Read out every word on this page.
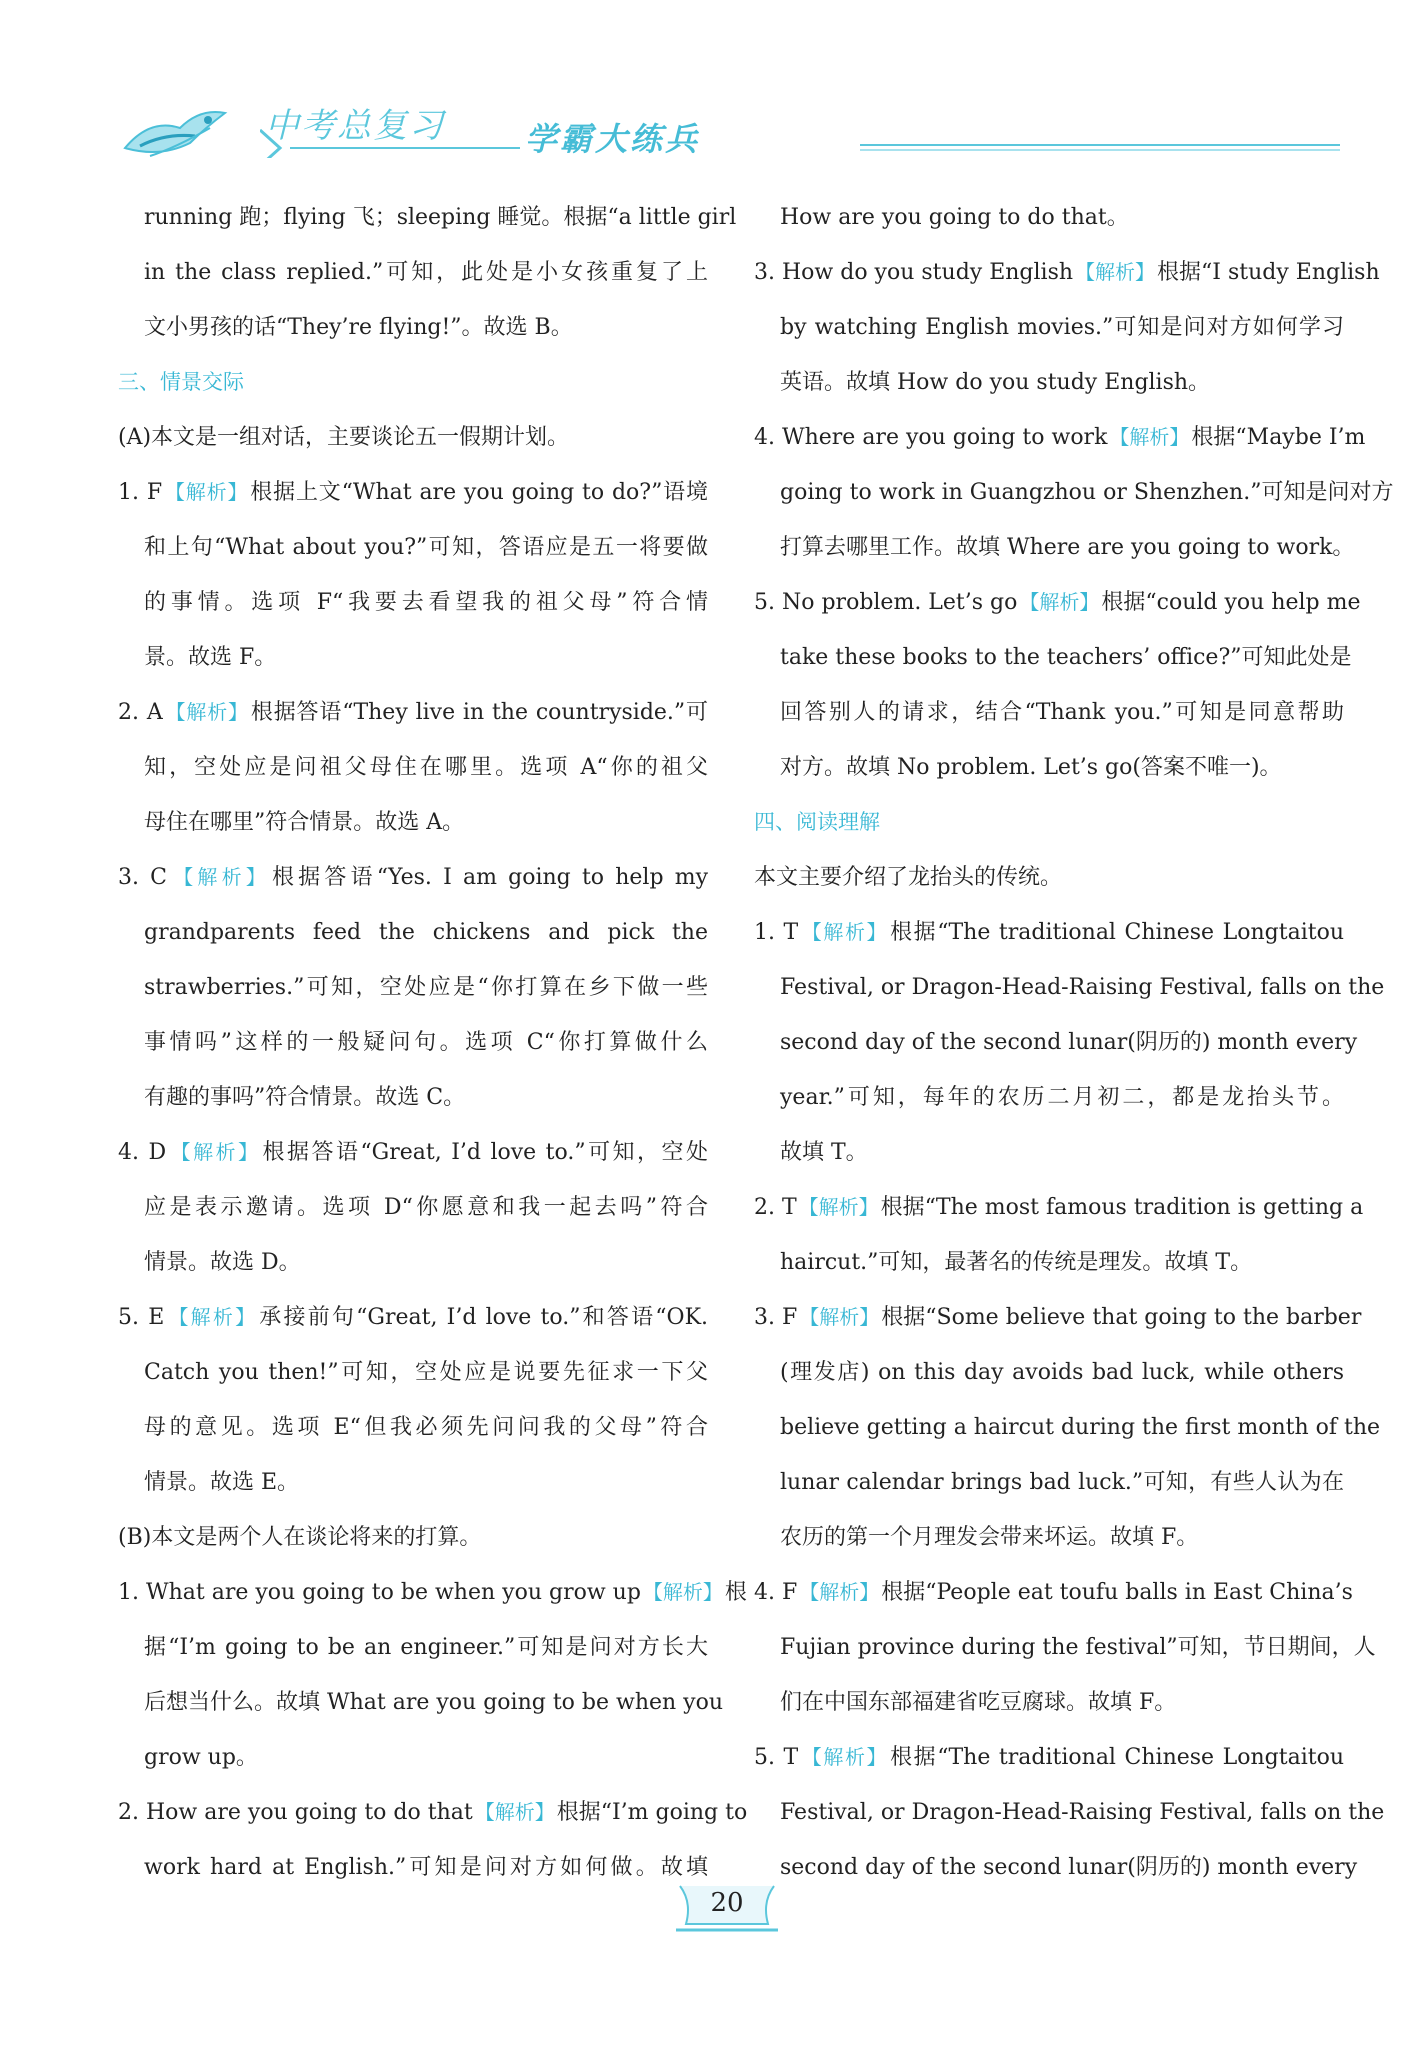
中考总复习	学霸大练兵
running 跑；flying 飞；sleeping 睡觉。根据“a little girl
in the class replied.”可知，此处是小女孩重复了上
文小男孩的话“They’re flying!”。故选 B。
三、情景交际
(A)本文是一组对话，主要谈论五一假期计划。
1. F 【解析】根据上文“What are you going to do?”语境
和上句“What about you?”可知，答语应是五一将要做
的事情。选项 F“我要去看望我的祖父母”符合情
景。故选 F。
2. A 【解析】根据答语“They live in the countryside.”可
知，空处应是问祖父母住在哪里。选项 A“你的祖父
母住在哪里”符合情景。故选 A。
3. C 【解析】根据答语“Yes. I am going to help my
grandparents feed the chickens and pick the
strawberries.”可知，空处应是“你打算在乡下做一些
事情吗”这样的一般疑问句。选项 C“你打算做什么
有趣的事吗”符合情景。故选 C。
4. D 【解析】根据答语“Great, I’d love to.”可知，空处
应是表示邀请。选项 D“你愿意和我一起去吗”符合
情景。故选 D。
5. E 【解析】承接前句“Great, I’d love to.”和答语“OK.
Catch you then!”可知，空处应是说要先征求一下父
母的意见。选项 E“但我必须先问问我的父母”符合
情景。故选 E。
(B)本文是两个人在谈论将来的打算。
1. What are you going to be when you grow up 【解析】根
据“I’m going to be an engineer.”可知是问对方长大
后想当什么。故填 What are you going to be when you
grow up。
2. How are you going to do that 【解析】根据“I’m going to
work hard at English.”可知是问对方如何做。故填
How are you going to do that。
3. How do you study English 【解析】根据“I study English
by watching English movies.”可知是问对方如何学习
英语。故填 How do you study English。
4. Where are you going to work 【解析】根据“Maybe I’m
going to work in Guangzhou or Shenzhen.”可知是问对方
打算去哪里工作。故填 Where are you going to work。
5. No problem. Let’s go 【解析】根据“could you help me
take these books to the teachers’ office?”可知此处是
回答别人的请求，结合“Thank you.”可知是同意帮助
对方。故填 No problem. Let’s go(答案不唯一)。
四、阅读理解
本文主要介绍了龙抬头的传统。
1. T 【解析】根据“The traditional Chinese Longtaitou
Festival, or Dragon-Head-Raising Festival, falls on the
second day of the second lunar(阴历的) month every
year.”可知，每年的农历二月初二，都是龙抬头节。
故填 T。
2. T 【解析】根据“The most famous tradition is getting a
haircut.”可知，最著名的传统是理发。故填 T。
3. F 【解析】根据“Some believe that going to the barber
(理发店) on this day avoids bad luck, while others
believe getting a haircut during the first month of the
lunar calendar brings bad luck.”可知，有些人认为在
农历的第一个月理发会带来坏运。故填 F。
4. F 【解析】根据“People eat toufu balls in East China’s
Fujian province during the festival”可知，节日期间，人
们在中国东部福建省吃豆腐球。故填 F。
5. T 【解析】根据“The traditional Chinese Longtaitou
Festival, or Dragon-Head-Raising Festival, falls on the
second day of the second lunar(阴历的) month every
20
